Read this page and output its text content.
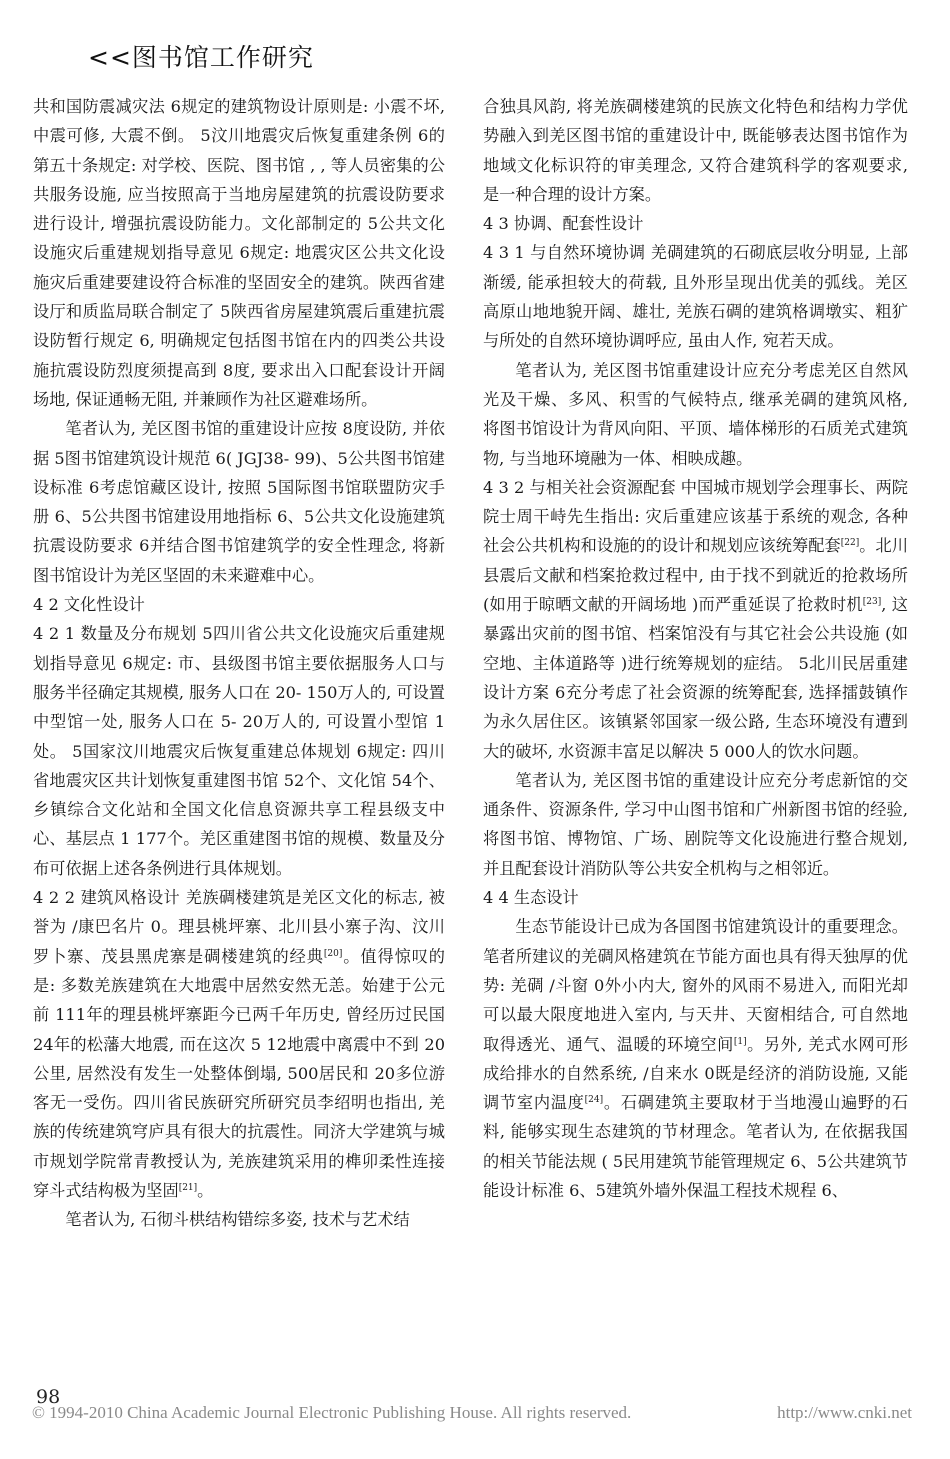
<<图书馆工作研究

共和国防震减灾法 6规定的建筑物设计原则是: 小震不坏, 中震可修, 大震不倒。 5汶川地震灾后恢复重建条例 6的第五十条规定: 对学校、医院、图书馆 , , 等人员密集的公共服务设施, 应当按照高于当地房屋建筑的抗震设防要求进行设计, 增强抗震设防能力。文化部制定的 5公共文化设施灾后重建规划指导意见 6规定: 地震灾区公共文化设施灾后重建要建设符合标准的坚固安全的建筑。陕西省建设厅和质监局联合制定了 5陕西省房屋建筑震后重建抗震设防暂行规定 6, 明确规定包括图书馆在内的四类公共设施抗震设防烈度须提高到 8度, 要求出入口配套设计开阔场地, 保证通畅无阻, 并兼顾作为社区避难场所。

笔者认为, 羌区图书馆的重建设计应按 8度设防, 并依据 5图书馆建筑设计规范 6( JGJ38- 99)、5公共图书馆建设标准 6考虑馆藏区设计, 按照 5国际图书馆联盟防灾手册 6、5公共图书馆建设用地指标 6、5公共文化设施建筑抗震设防要求 6并结合图书馆建筑学的安全性理念, 将新图书馆设计为羌区坚固的未来避难中心。

4 2 文化性设计

4 2 1 数量及分布规划 5四川省公共文化设施灾后重建规划指导意见 6规定: 市、县级图书馆主要依据服务人口与服务半径确定其规模, 服务人口在 20- 150万人的, 可设置中型馆一处, 服务人口在 5- 20万人的, 可设置小型馆 1处。 5国家汶川地震灾后恢复重建总体规划 6规定: 四川省地震灾区共计划恢复重建图书馆 52个、文化馆 54个、乡镇综合文化站和全国文化信息资源共享工程县级支中心、基层点 1 177个。羌区重建图书馆的规模、数量及分布可依据上述各条例进行具体规划。

4 2 2 建筑风格设计 羌族碉楼建筑是羌区文化的标志, 被誉为 /康巴名片 0。理县桃坪寨、北川县小寨子沟、汶川罗卜寨、茂县黑虎寨是碉楼建筑的经典[20]。值得惊叹的是: 多数羌族建筑在大地震中居然安然无恙。始建于公元前 111年的理县桃坪寨距今已两千年历史, 曾经历过民国 24年的松藩大地震, 而在这次 5 12地震中离震中不到 20公里, 居然没有发生一处整体倒塌, 500居民和 20多位游客无一受伤。四川省民族研究所研究员李绍明也指出, 羌族的传统建筑穹庐具有很大的抗震性。同济大学建筑与城市规划学院常青教授认为, 羌族建筑采用的榫卯柔性连接穿斗式结构极为坚固[21]。

笔者认为, 石彻斗栱结构错综多姿, 技术与艺术结

合独具风韵, 将羌族碉楼建筑的民族文化特色和结构力学优势融入到羌区图书馆的重建设计中, 既能够表达图书馆作为地域文化标识符的审美理念, 又符合建筑科学的客观要求, 是一种合理的设计方案。

4 3 协调、配套性设计

4 3 1 与自然环境协调 羌碉建筑的石砌底层收分明显, 上部渐缓, 能承担较大的荷载, 且外形呈现出优美的弧线。羌区高原山地地貌开阔、雄壮, 羌族石碉的建筑格调墩实、粗犷与所处的自然环境协调呼应, 虽由人作, 宛若天成。

笔者认为, 羌区图书馆重建设计应充分考虑羌区自然风光及干燥、多风、积雪的气候特点, 继承羌碉的建筑风格, 将图书馆设计为背风向阳、平顶、墙体梯形的石质羌式建筑物, 与当地环境融为一体、相映成趣。

4 3 2 与相关社会资源配套 中国城市规划学会理事长、两院院士周干峙先生指出: 灾后重建应该基于系统的观念, 各种社会公共机构和设施的的设计和规划应该统筹配套[22]。北川县震后文献和档案抢救过程中, 由于找不到就近的抢救场所 (如用于晾晒文献的开阔场地 )而严重延误了抢救时机[23], 这暴露出灾前的图书馆、档案馆没有与其它社会公共设施 (如空地、主体道路等 )进行统筹规划的症结。 5北川民居重建设计方案 6充分考虑了社会资源的统筹配套, 选择擂鼓镇作为永久居住区。该镇紧邻国家一级公路, 生态环境没有遭到大的破坏, 水资源丰富足以解决 5 000人的饮水问题。

笔者认为, 羌区图书馆的重建设计应充分考虑新馆的交通条件、资源条件, 学习中山图书馆和广州新图书馆的经验, 将图书馆、博物馆、广场、剧院等文化设施进行整合规划, 并且配套设计消防队等公共安全机构与之相邻近。

4 4 生态设计

生态节能设计已成为各国图书馆建筑设计的重要理念。笔者所建议的羌碉风格建筑在节能方面也具有得天独厚的优势: 羌碉 /斗窗 0外小内大, 窗外的风雨不易进入, 而阳光却可以最大限度地进入室内, 与天井、天窗相结合, 可自然地取得透光、通气、温暖的环境空间[1]。另外, 羌式水网可形成给排水的自然系统, /自来水 0既是经济的消防设施, 又能调节室内温度[24]。石碉建筑主要取材于当地漫山遍野的石料, 能够实现生态建筑的节材理念。笔者认为, 在依据我国的相关节能法规 ( 5民用建筑节能管理规定 6、5公共建筑节能设计标准 6、5建筑外墙外保温工程技术规程 6、

98
© 1994-2010 China Academic Journal Electronic Publishing House. All rights reserved.	http://www.cnki.net
